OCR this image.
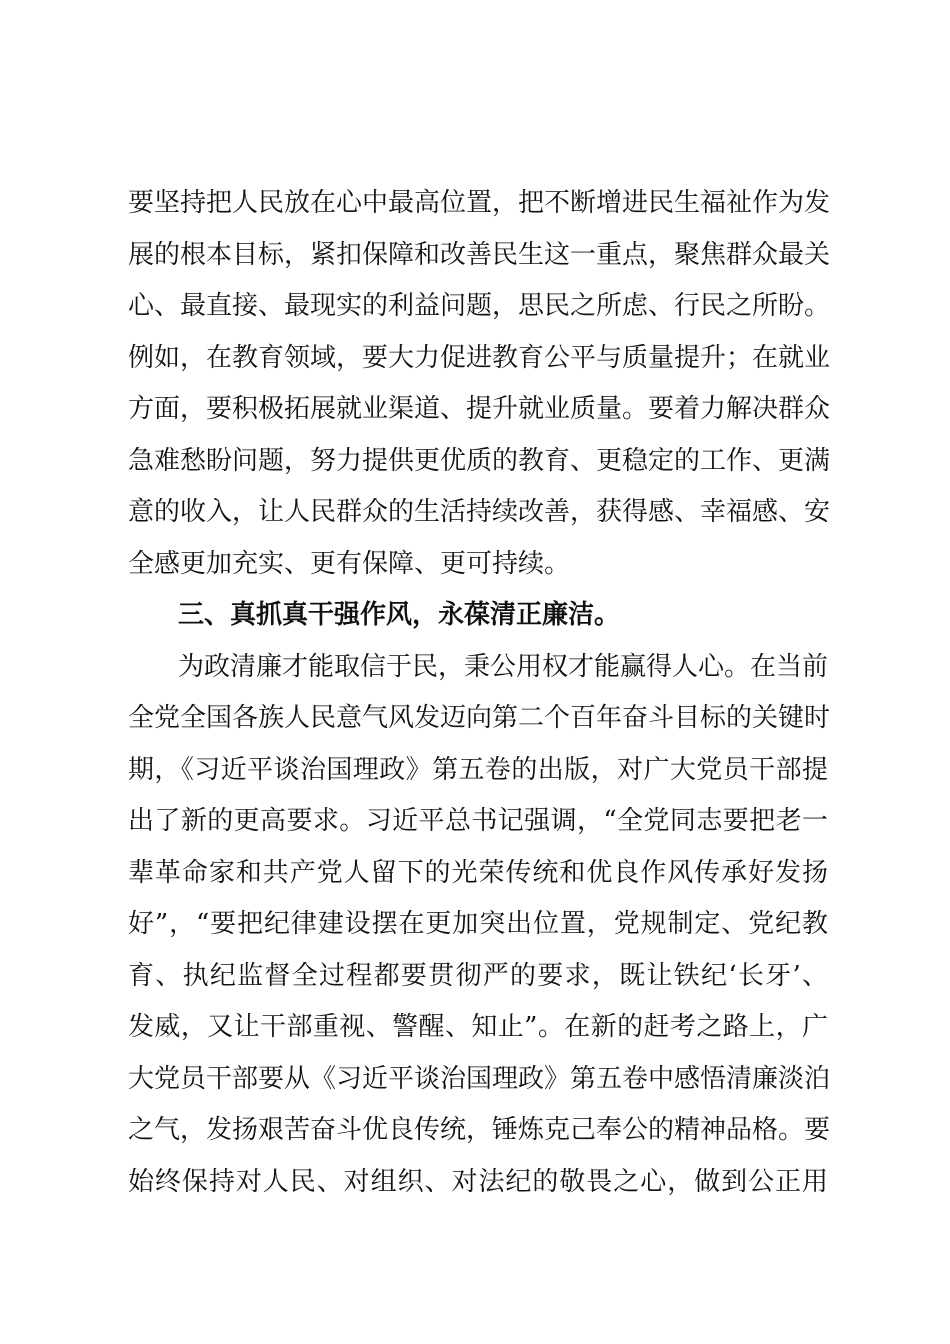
要坚持把人民放在心中最高位置，把不断增进民生福祉作为发
展的根本目标，紧扣保障和改善民生这一重点，聚焦群众最关
心、最直接、最现实的利益问题，思民之所虑、行民之所盼。
例如，在教育领域，要大力促进教育公平与质量提升；在就业
方面，要积极拓展就业渠道、提升就业质量。要着力解决群众
急难愁盼问题，努力提供更优质的教育、更稳定的工作、更满
意的收入，让人民群众的生活持续改善，获得感、幸福感、安
全感更加充实、更有保障、更可持续。
三、真抓真干强作风，永葆清正廉洁。
为政清廉才能取信于民，秉公用权才能赢得人心。在当前
全党全国各族人民意气风发迈向第二个百年奋斗目标的关键时
期，《习近平谈治国理政》第五卷的出版，对广大党员干部提
出了新的更高要求。习近平总书记强调，“全党同志要把老一
辈革命家和共产党人留下的光荣传统和优良作风传承好发扬
好”，“要把纪律建设摆在更加突出位置，党规制定、党纪教
育、执纪监督全过程都要贯彻严的要求，既让铁纪‘长牙’、
发威，又让干部重视、警醒、知止”。在新的赶考之路上，广
大党员干部要从《习近平谈治国理政》第五卷中感悟清廉淡泊
之气，发扬艰苦奋斗优良传统，锤炼克己奉公的精神品格。要
始终保持对人民、对组织、对法纪的敬畏之心，做到公正用
